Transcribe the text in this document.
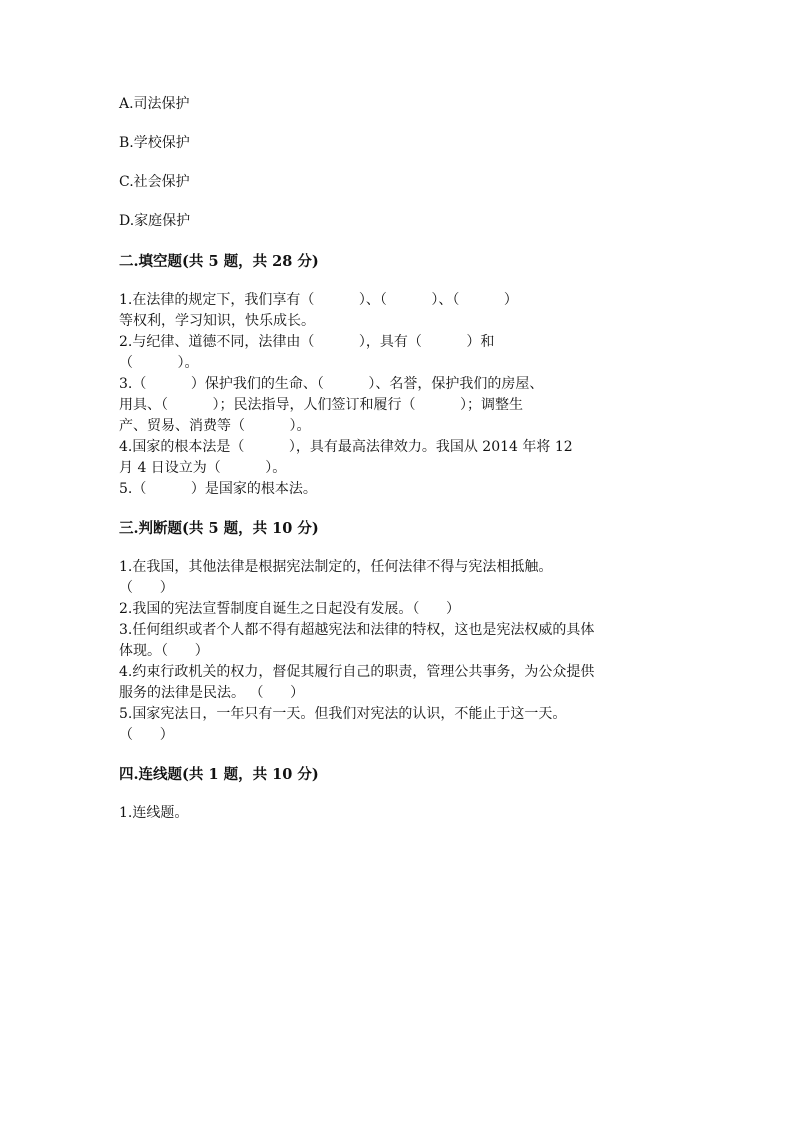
A.司法保护
B.学校保护
C.社会保护
D.家庭保护
二.填空题(共 5 题，共 28 分)
1.在法律的规定下，我们享有（          ）、（          ）、（          ）
等权利，学习知识，快乐成长。
2.与纪律、道德不同，法律由（          ），具有（          ）和
（          ）。
3.（          ）保护我们的生命、（          ）、名誉，保护我们的房屋、
用具、（          ）；民法指导，人们签订和履行（          ）；调整生
产、贸易、消费等（          ）。
4.国家的根本法是（          ），具有最高法律效力。我国从 2014 年将 12
月 4 日设立为（          ）。
5.（          ）是国家的根本法。
三.判断题(共 5 题，共 10 分)
1.在我国，其他法律是根据宪法制定的，任何法律不得与宪法相抵触。
（      ）
2.我国的宪法宣誓制度自诞生之日起没有发展。（      ）
3.任何组织或者个人都不得有超越宪法和法律的特权，这也是宪法权威的具体
体现。（      ）
4.约束行政机关的权力，督促其履行自己的职责，管理公共事务，为公众提供
服务的法律是民法。 （      ）
5.国家宪法日，一年只有一天。但我们对宪法的认识，不能止于这一天。
（      ）
四.连线题(共 1 题，共 10 分)
1.连线题。
